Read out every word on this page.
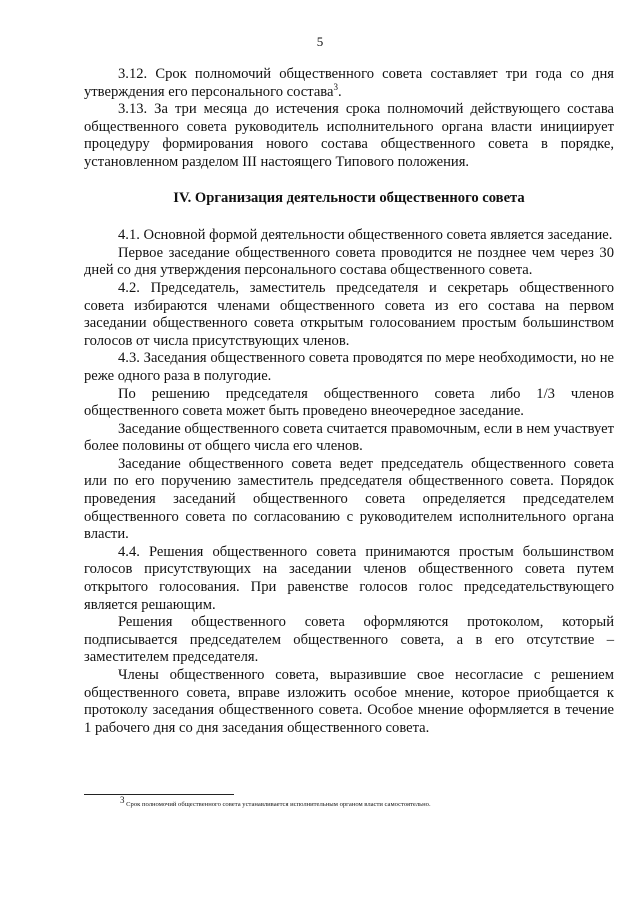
5

3.12. Срок полномочий общественного совета составляет три года со дня утверждения его персонального состава$^3$.

3.13. За три месяца до истечения срока полномочий действующего состава общественного совета руководитель исполнительного органа власти инициирует процедуру формирования нового состава общественного совета в порядке, установленном разделом III настоящего Типового положения.

IV. Организация деятельности общественного совета

4.1. Основной формой деятельности общественного совета является заседание.

Первое заседание общественного совета проводится не позднее чем через 30 дней со дня утверждения персонального состава общественного совета.

4.2. Председатель, заместитель председателя и секретарь общественного совета избираются членами общественного совета из его состава на первом заседании общественного совета открытым голосованием простым большинством голосов от числа присутствующих членов.

4.3. Заседания общественного совета проводятся по мере необходимости, но не реже одного раза в полугодие.

По решению председателя общественного совета либо 1/3 членов общественного совета может быть проведено внеочередное заседание.

Заседание общественного совета считается правомочным, если в нем участвует более половины от общего числа его членов.

Заседание общественного совета ведет председатель общественного совета или по его поручению заместитель председателя общественного совета. Порядок проведения заседаний общественного совета определяется председателем общественного совета по согласованию с руководителем исполнительного органа власти.

4.4. Решения общественного совета принимаются простым большинством голосов присутствующих на заседании членов общественного совета путем открытого голосования. При равенстве голосов голос председательствующего является решающим.

Решения общественного совета оформляются протоколом, который подписывается председателем общественного совета, а в его отсутствие – заместителем председателя.

Члены общественного совета, выразившие свое несогласие с решением общественного совета, вправе изложить особое мнение, которое приобщается к протоколу заседания общественного совета. Особое мнение оформляется в течение 1 рабочего дня со дня заседания общественного совета.

$^3$ Срок полномочий общественного совета устанавливается исполнительным органом власти самостоятельно.
